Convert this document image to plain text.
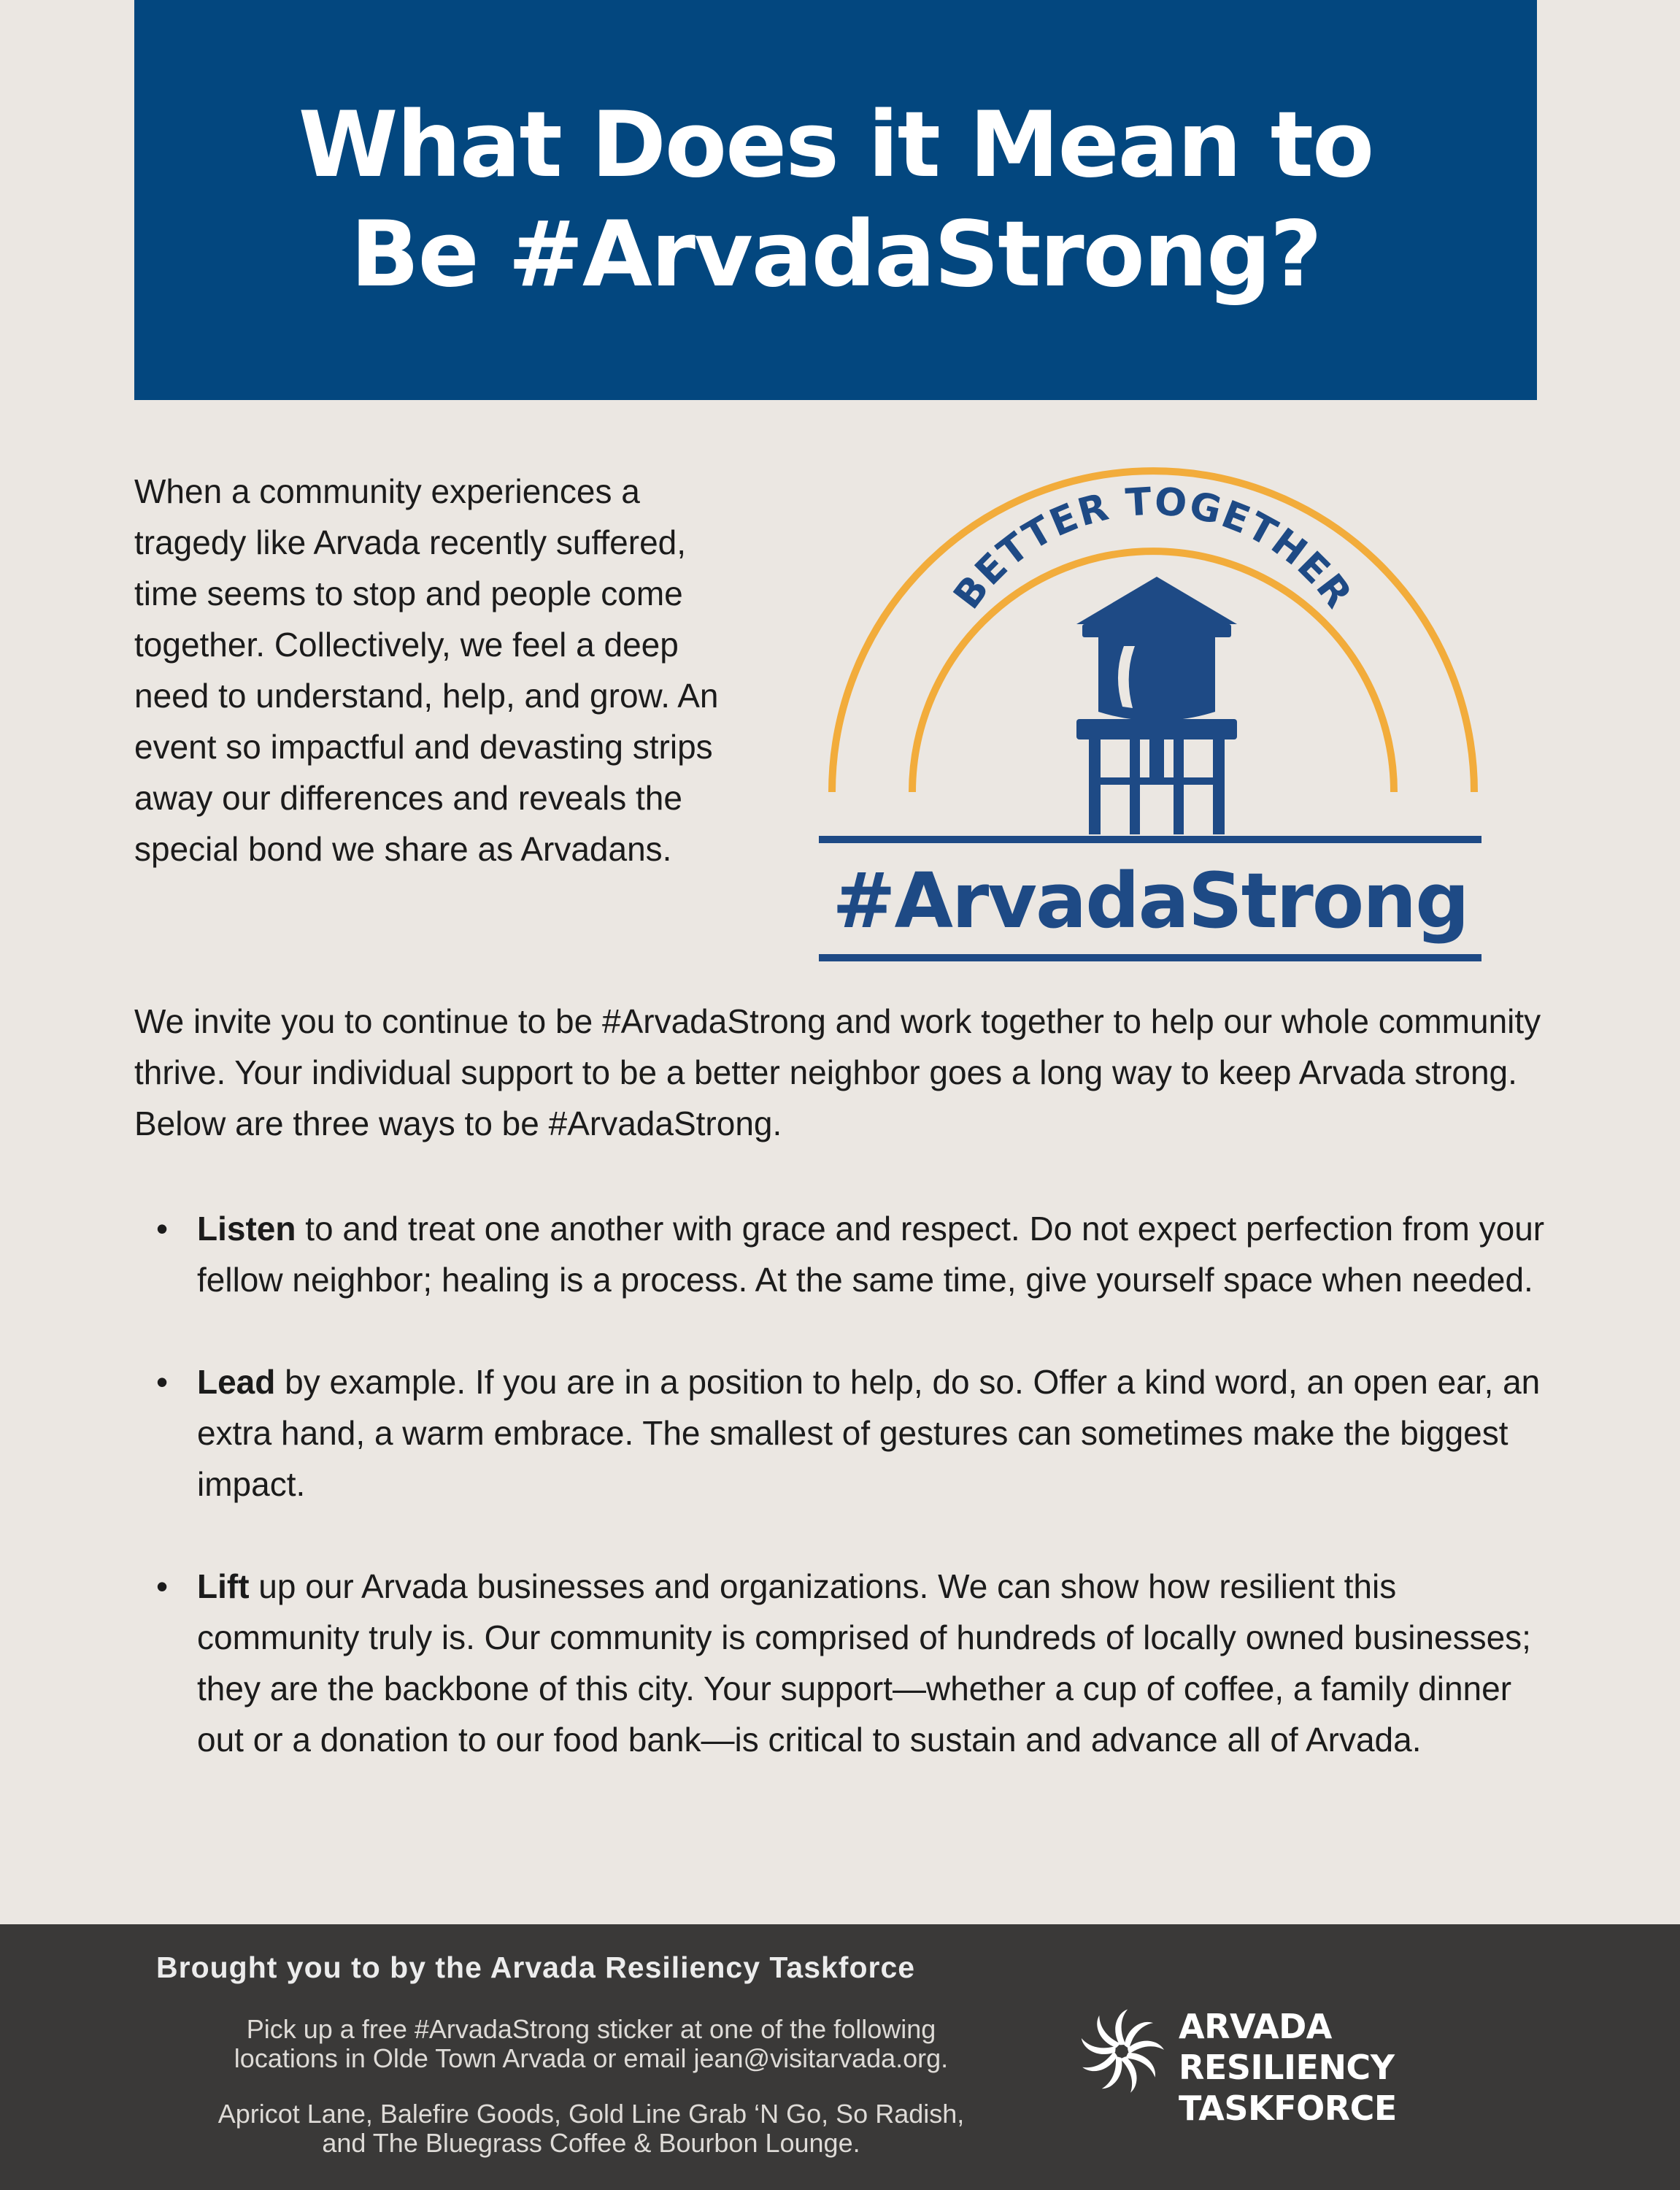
What Does it Mean to
Be #ArvadaStrong?

When a community experiences a tragedy like Arvada recently suffered, time seems to stop and people come together. Collectively, we feel a deep need to understand, help, and grow. An event so impactful and devasting strips away our differences and reveals the special bond we share as Arvadans.

BETTER TOGETHER
#ArvadaStrong

We invite you to continue to be #ArvadaStrong and work together to help our whole community thrive. Your individual support to be a better neighbor goes a long way to keep Arvada strong. Below are three ways to be #ArvadaStrong.

• Listen to and treat one another with grace and respect. Do not expect perfection from your fellow neighbor; healing is a process. At the same time, give yourself space when needed.
• Lead by example. If you are in a position to help, do so. Offer a kind word, an open ear, an extra hand, a warm embrace. The smallest of gestures can sometimes make the biggest impact.
• Lift up our Arvada businesses and organizations. We can show how resilient this community truly is. Our community is comprised of hundreds of locally owned businesses; they are the backbone of this city. Your support—whether a cup of coffee, a family dinner out or a donation to our food bank—is critical to sustain and advance all of Arvada.
Brought you to by the Arvada Resiliency Taskforce
Pick up a free #ArvadaStrong sticker at one of the following
locations in Olde Town Arvada or email jean@visitarvada.org.
Apricot Lane, Balefire Goods, Gold Line Grab ‘N Go, So Radish,
and The Bluegrass Coffee & Bourbon Lounge.
ARVADA RESILIENCY
TASKFORCE
